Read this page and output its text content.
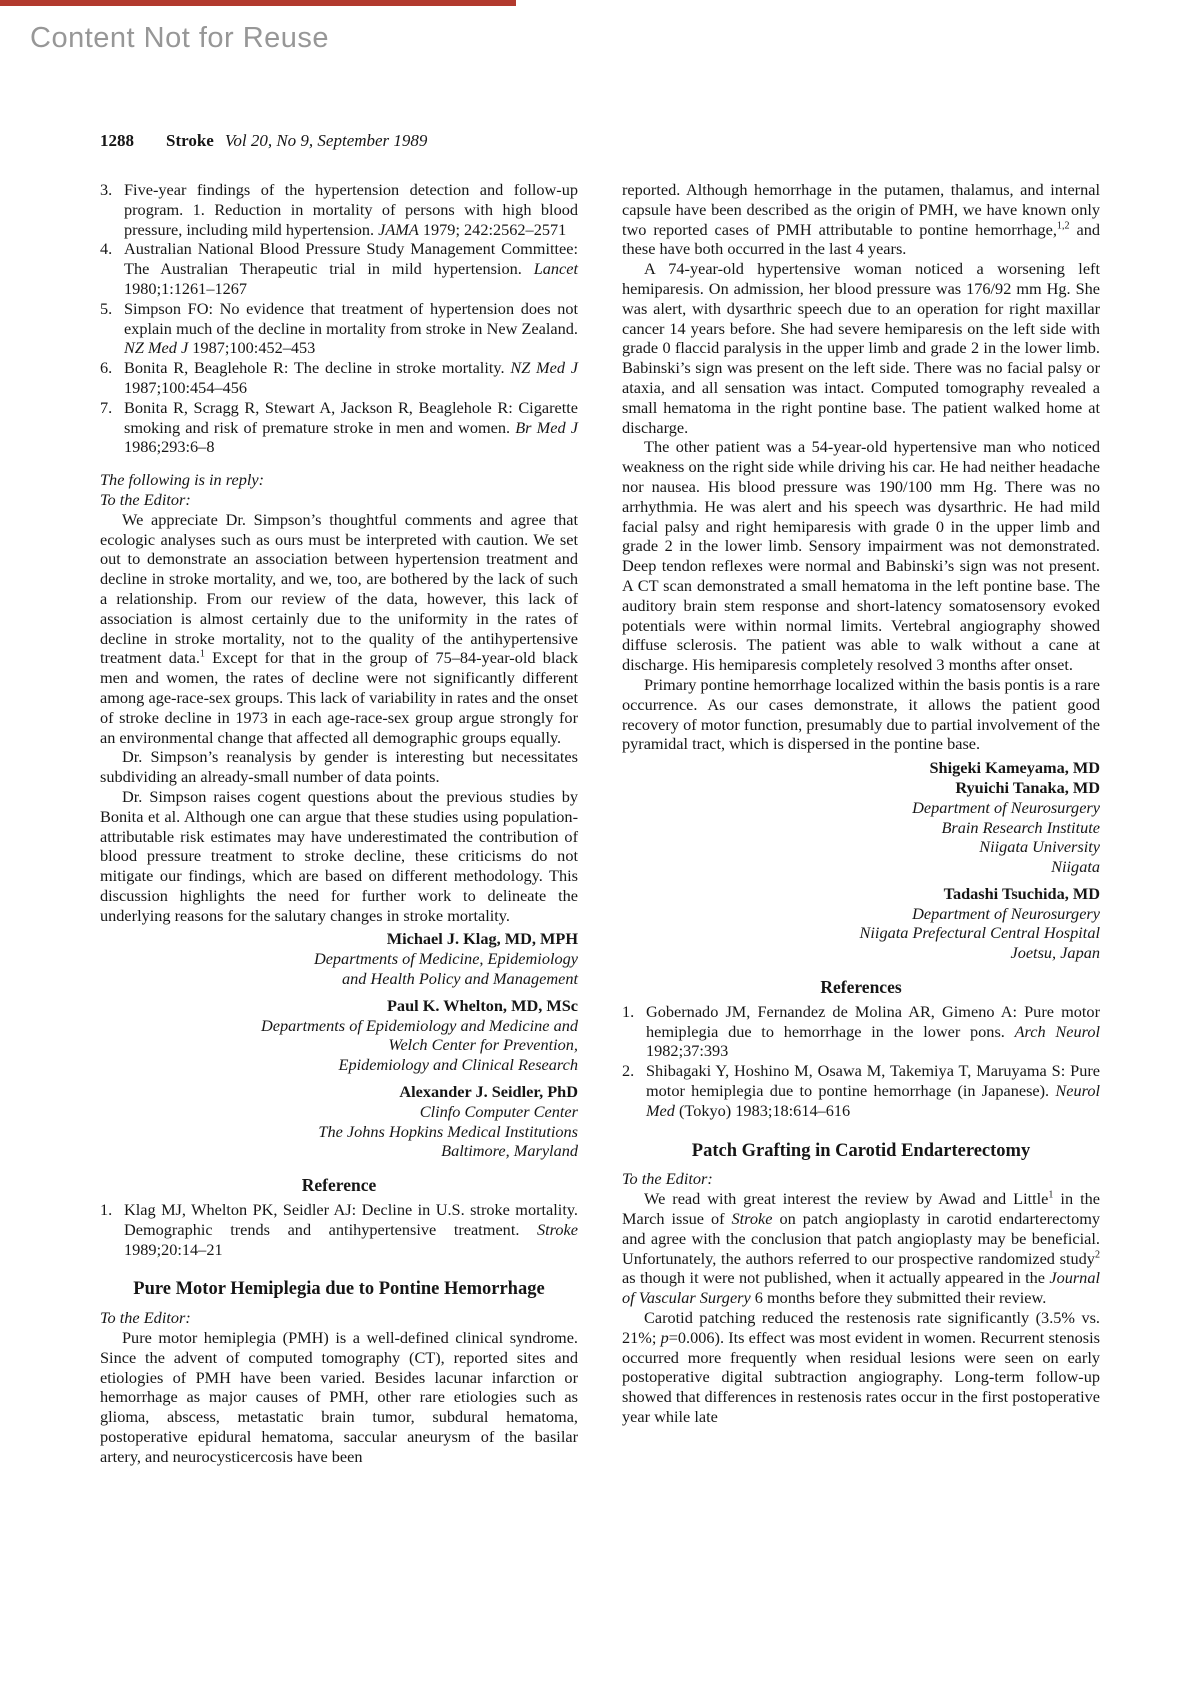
Content Not for Reuse
1288 Stroke Vol 20, No 9, September 1989
3. Five-year findings of the hypertension detection and follow-up program. 1. Reduction in mortality of persons with high blood pressure, including mild hypertension. JAMA 1979; 242:2562–2571
4. Australian National Blood Pressure Study Management Committee: The Australian Therapeutic trial in mild hypertension. Lancet 1980;1:1261–1267
5. Simpson FO: No evidence that treatment of hypertension does not explain much of the decline in mortality from stroke in New Zealand. NZ Med J 1987;100:452–453
6. Bonita R, Beaglehole R: The decline in stroke mortality. NZ Med J 1987;100:454–456
7. Bonita R, Scragg R, Stewart A, Jackson R, Beaglehole R: Cigarette smoking and risk of premature stroke in men and women. Br Med J 1986;293:6–8

The following is in reply:

To the Editor:

We appreciate Dr. Simpson’s thoughtful comments and agree that ecologic analyses such as ours must be interpreted with caution. We set out to demonstrate an association between hypertension treatment and decline in stroke mortality, and we, too, are bothered by the lack of such a relationship. From our review of the data, however, this lack of association is almost certainly due to the uniformity in the rates of decline in stroke mortality, not to the quality of the antihypertensive treatment data.$^1$ Except for that in the group of 75–84-year-old black men and women, the rates of decline were not significantly different among age-race-sex groups. This lack of variability in rates and the onset of stroke decline in 1973 in each age-race-sex group argue strongly for an environmental change that affected all demographic groups equally.

Dr. Simpson’s reanalysis by gender is interesting but necessitates subdividing an already-small number of data points.

Dr. Simpson raises cogent questions about the previous studies by Bonita et al. Although one can argue that these studies using population-attributable risk estimates may have underestimated the contribution of blood pressure treatment to stroke decline, these criticisms do not mitigate our findings, which are based on different methodology. This discussion highlights the need for further work to delineate the underlying reasons for the salutary changes in stroke mortality.

Michael J. Klag, MD, MPH
Departments of Medicine, Epidemiology
and Health Policy and Management
Paul K. Whelton, MD, MSc
Departments of Epidemiology and Medicine and
Welch Center for Prevention,
Epidemiology and Clinical Research
Alexander J. Seidler, PhD
Clinfo Computer Center
The Johns Hopkins Medical Institutions
Baltimore, Maryland
Reference
1. Klag MJ, Whelton PK, Seidler AJ: Decline in U.S. stroke mortality. Demographic trends and antihypertensive treatment. Stroke 1989;20:14–21
Pure Motor Hemiplegia due to Pontine Hemorrhage

To the Editor:

Pure motor hemiplegia (PMH) is a well-defined clinical syndrome. Since the advent of computed tomography (CT), reported sites and etiologies of PMH have been varied. Besides lacunar infarction or hemorrhage as major causes of PMH, other rare etiologies such as glioma, abscess, metastatic brain tumor, subdural hematoma, postoperative epidural hematoma, saccular aneurysm of the basilar artery, and neurocysticercosis have been

reported. Although hemorrhage in the putamen, thalamus, and internal capsule have been described as the origin of PMH, we have known only two reported cases of PMH attributable to pontine hemorrhage,$^{1,2}$ and these have both occurred in the last 4 years.

A 74-year-old hypertensive woman noticed a worsening left hemiparesis. On admission, her blood pressure was 176/92 mm Hg. She was alert, with dysarthric speech due to an operation for right maxillar cancer 14 years before. She had severe hemiparesis on the left side with grade 0 flaccid paralysis in the upper limb and grade 2 in the lower limb. Babinski’s sign was present on the left side. There was no facial palsy or ataxia, and all sensation was intact. Computed tomography revealed a small hematoma in the right pontine base. The patient walked home at discharge.

The other patient was a 54-year-old hypertensive man who noticed weakness on the right side while driving his car. He had neither headache nor nausea. His blood pressure was 190/100 mm Hg. There was no arrhythmia. He was alert and his speech was dysarthric. He had mild facial palsy and right hemiparesis with grade 0 in the upper limb and grade 2 in the lower limb. Sensory impairment was not demonstrated. Deep tendon reflexes were normal and Babinski’s sign was not present. A CT scan demonstrated a small hematoma in the left pontine base. The auditory brain stem response and short-latency somatosensory evoked potentials were within normal limits. Vertebral angiography showed diffuse sclerosis. The patient was able to walk without a cane at discharge. His hemiparesis completely resolved 3 months after onset.

Primary pontine hemorrhage localized within the basis pontis is a rare occurrence. As our cases demonstrate, it allows the patient good recovery of motor function, presumably due to partial involvement of the pyramidal tract, which is dispersed in the pontine base.

Shigeki Kameyama, MD
Ryuichi Tanaka, MD
Department of Neurosurgery
Brain Research Institute
Niigata University
Niigata
Tadashi Tsuchida, MD
Department of Neurosurgery
Niigata Prefectural Central Hospital
Joetsu, Japan
References
1. Gobernado JM, Fernandez de Molina AR, Gimeno A: Pure motor hemiplegia due to hemorrhage in the lower pons. Arch Neurol 1982;37:393
2. Shibagaki Y, Hoshino M, Osawa M, Takemiya T, Maruyama S: Pure motor hemiplegia due to pontine hemorrhage (in Japanese). Neurol Med (Tokyo) 1983;18:614–616
Patch Grafting in Carotid Endarterectomy

To the Editor:

We read with great interest the review by Awad and Little$^1$ in the March issue of Stroke on patch angioplasty in carotid endarterectomy and agree with the conclusion that patch angioplasty may be beneficial. Unfortunately, the authors referred to our prospective randomized study$^2$ as though it were not published, when it actually appeared in the Journal of Vascular Surgery 6 months before they submitted their review.

Carotid patching reduced the restenosis rate significantly (3.5% vs. 21%; p=0.006). Its effect was most evident in women. Recurrent stenosis occurred more frequently when residual lesions were seen on early postoperative digital subtraction angiography. Long-term follow-up showed that differences in restenosis rates occur in the first postoperative year while late
